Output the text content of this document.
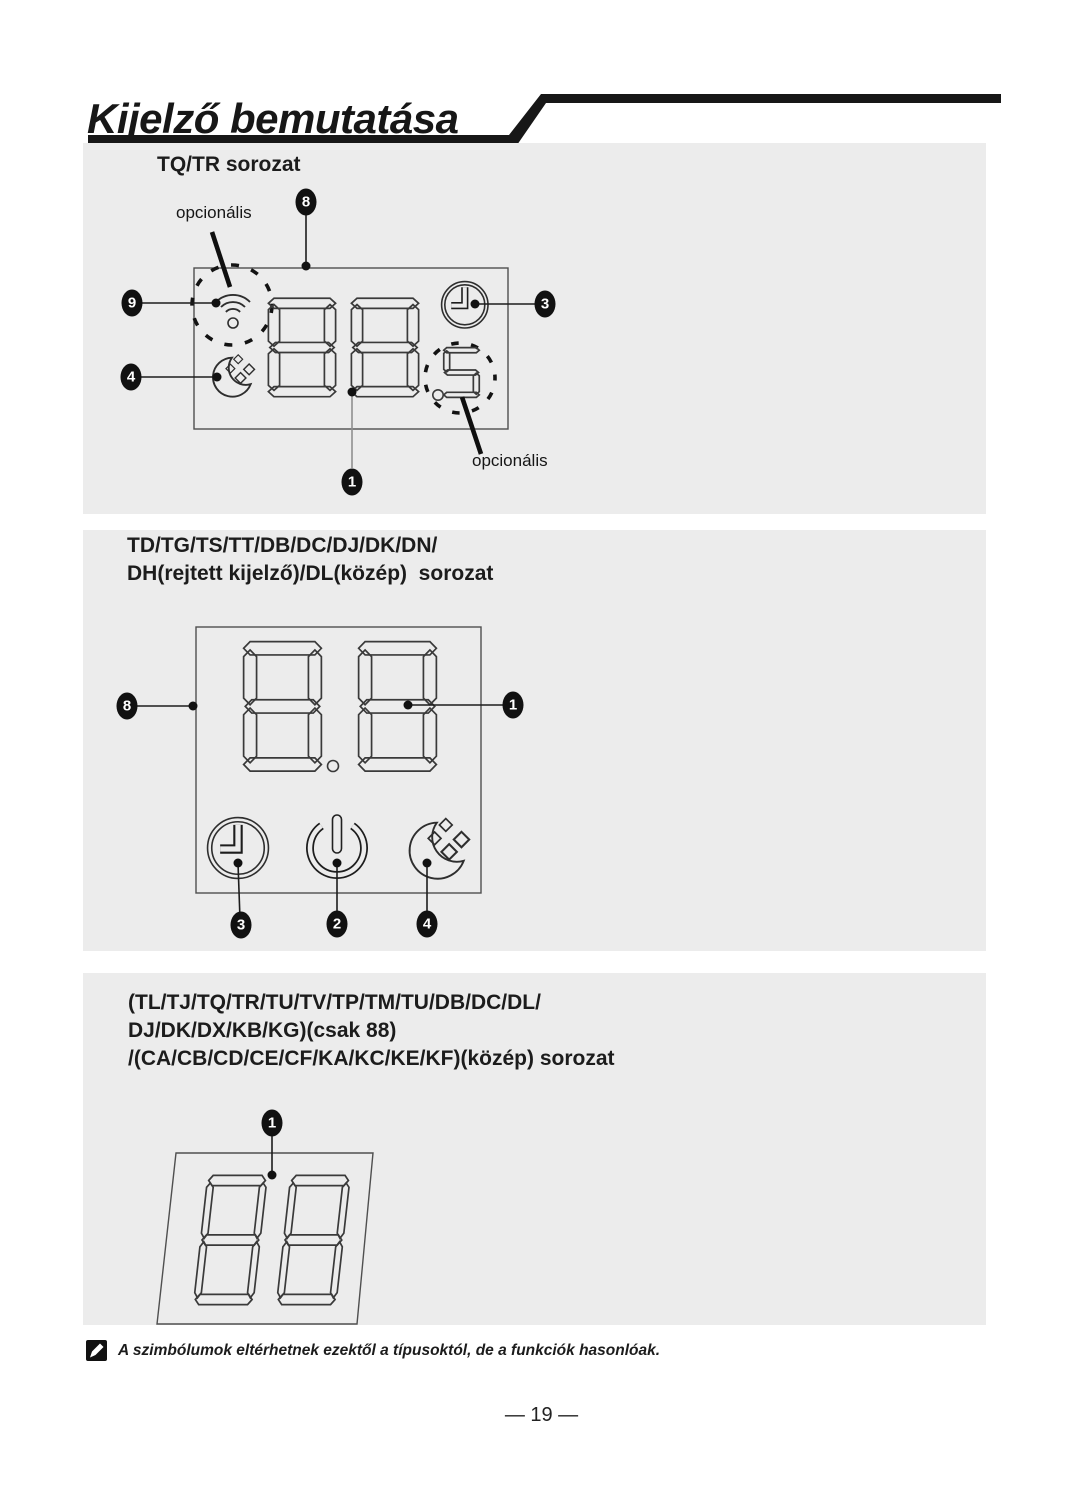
Kijelző bemutatása
TQ/TR sorozat
opcionális
opcionális
8
9	3
4
1
TD/TG/TS/TT/DB/DC/DJ/DK/DN/
DH(rejtett kijelző)/DL(közép)  sorozat
8	1
3	2	4
(TL/TJ/TQ/TR/TU/TV/TP/TM/TU/DB/DC/DL/
DJ/DK/DX/KB/KG)(csak 88)
/(CA/CB/CD/CE/CF/KA/KC/KE/KF)(közép) sorozat
1
A szimbólumok eltérhetnek ezektől a típusoktól, de a funkciók hasonlóak.
— 19 —
